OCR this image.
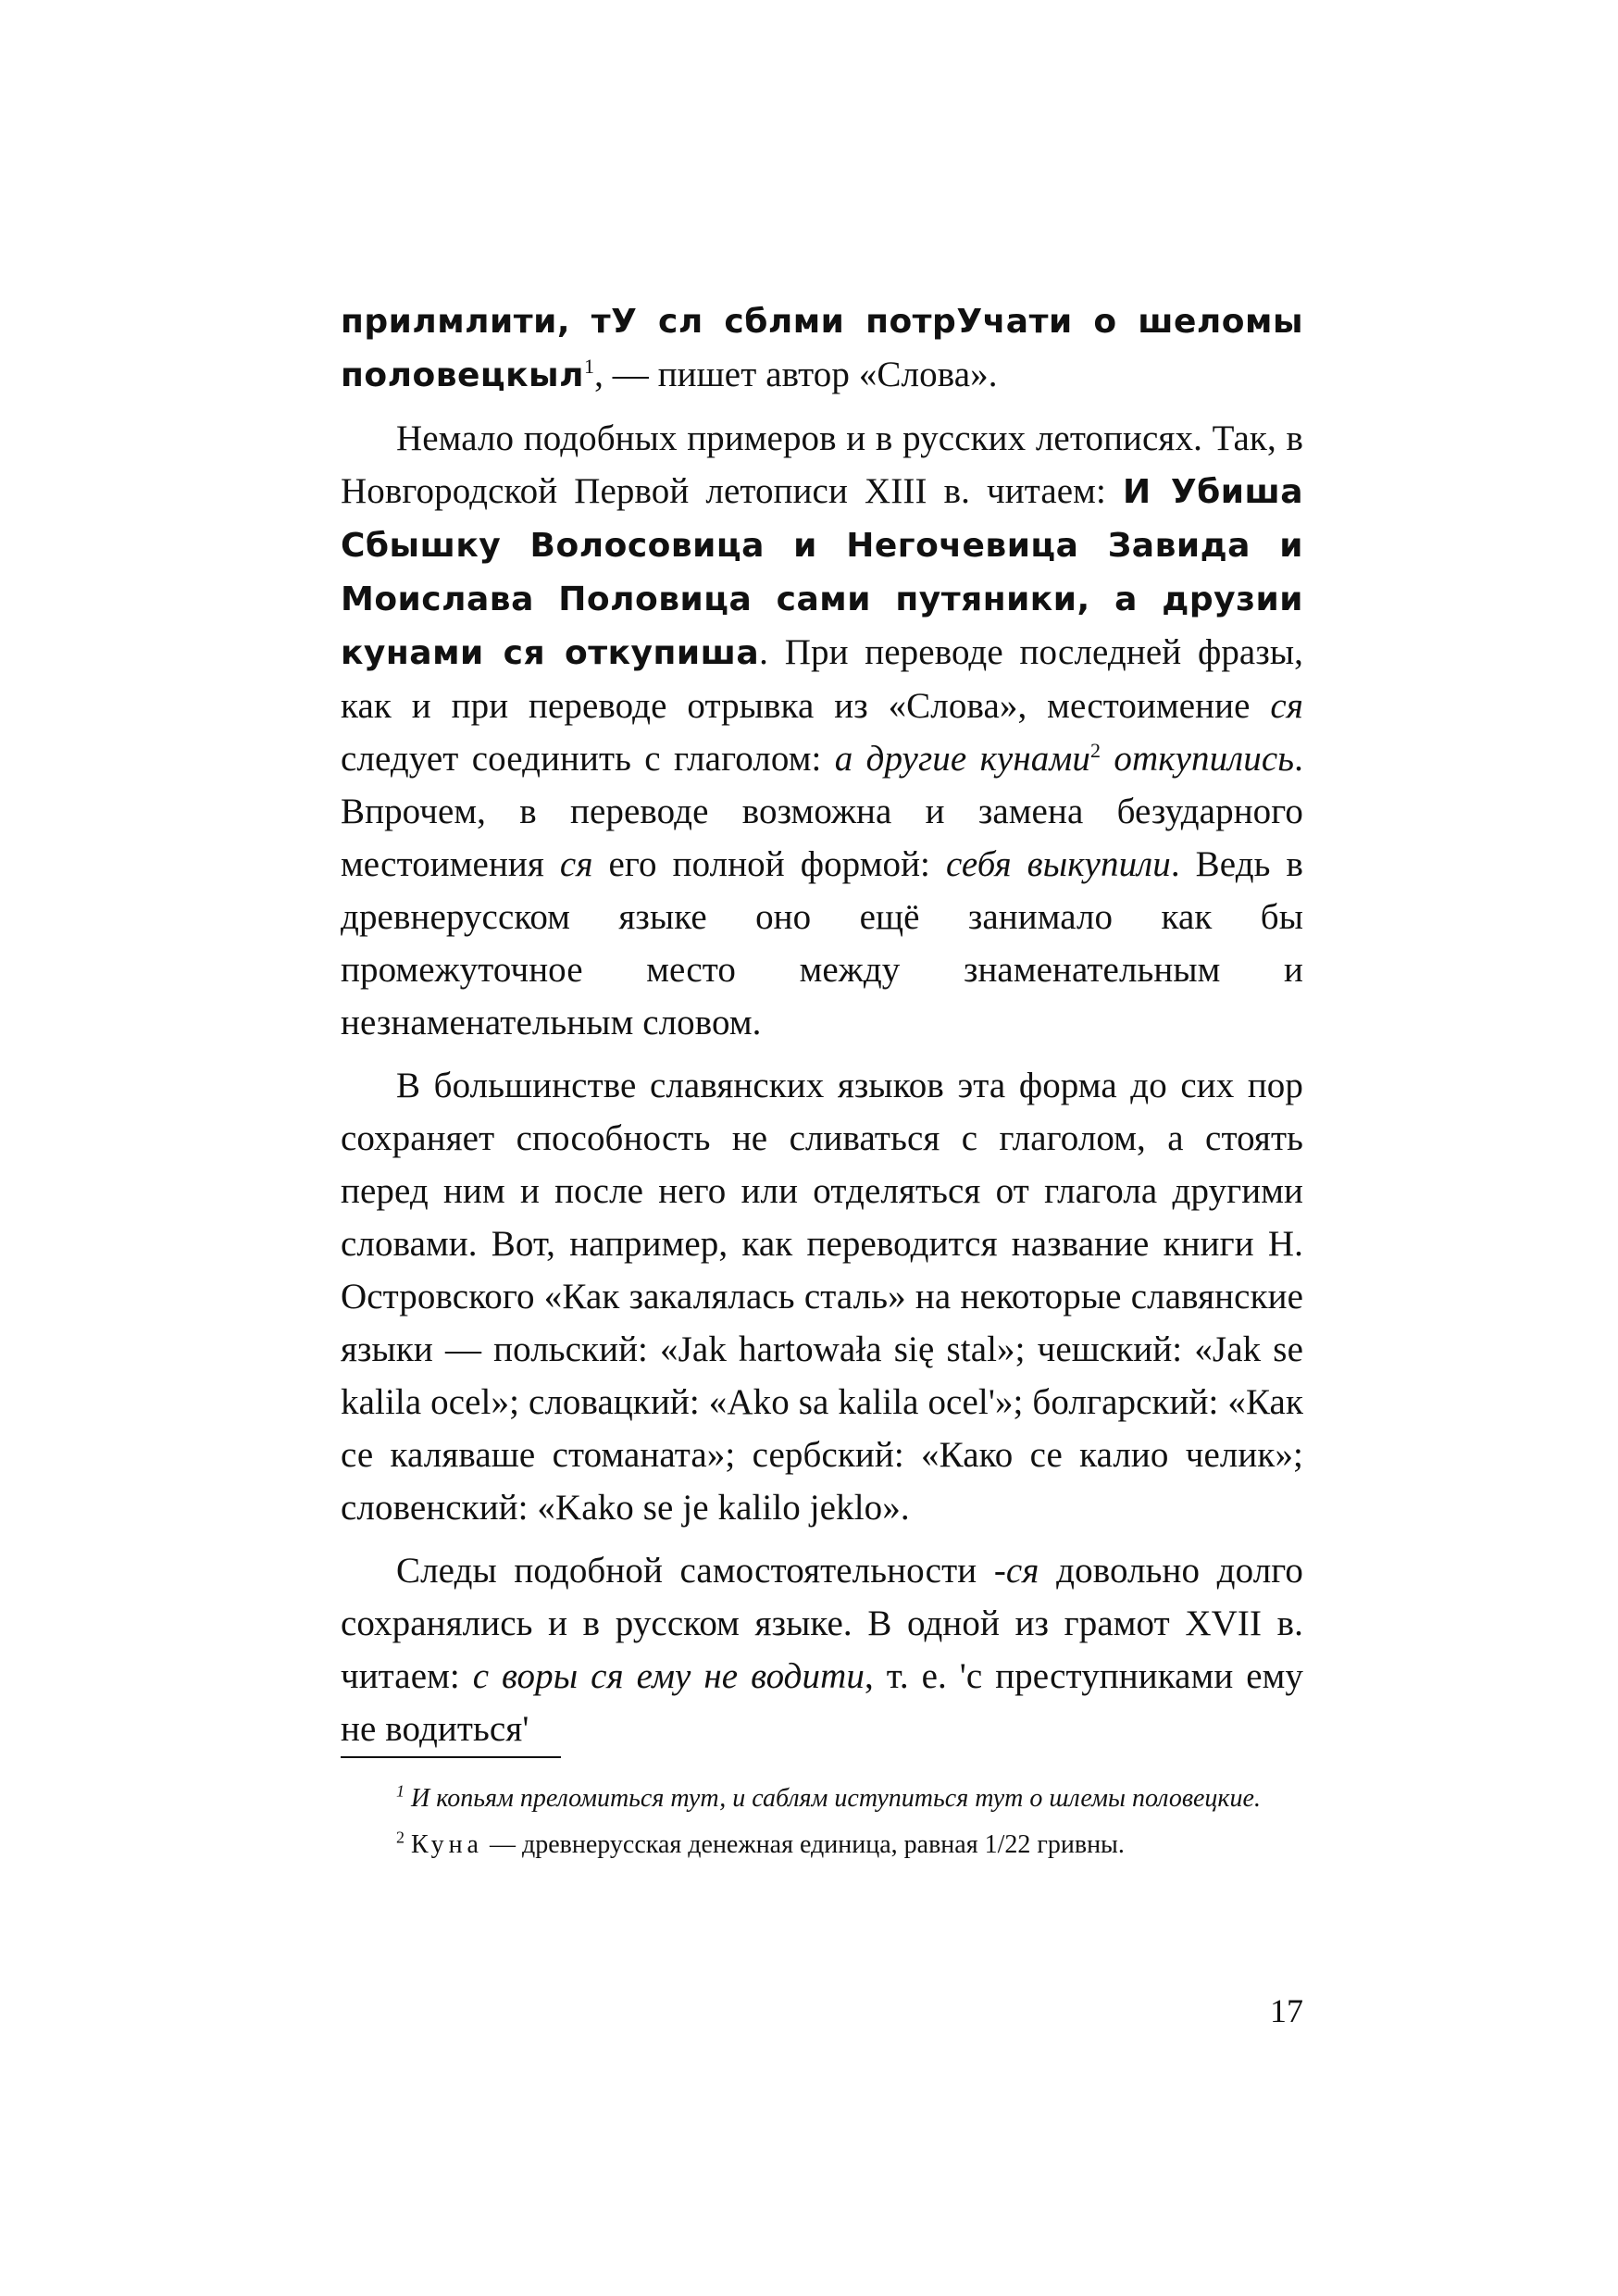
прилмлити, тУ сл сблми потрУчати о шеломы половецкыл$^1$, — пишет автор «Слова».

Немало подобных примеров и в русских летописях. Так, в Новгородской Первой летописи XIII в. читаем: И Убиша Сбышку Волосовица и Негочевица Завида и Моислава Половица сами путяники, а друзии кунами ся откупиша. При переводе последней фразы, как и при переводе отрывка из «Слова», местоимение ся следует соединить с глаголом: а другие кунами$^2$ откупились. Впрочем, в переводе возможна и замена безударного местоимения ся его полной формой: себя выкупили. Ведь в древнерусском языке оно ещё занимало как бы промежуточное место между знаменательным и незнаменательным словом.

В большинстве славянских языков эта форма до сих пор сохраняет способность не сливаться с глаголом, а стоять перед ним и после него или отделяться от глагола другими словами. Вот, например, как переводится название книги Н. Островского «Как закалялась сталь» на некоторые славянские языки — польский: «Jak hartowała się stal»; чешский: «Jak se kalila ocel»; словацкий: «Ako sa kalila ocel'»; болгарский: «Как се каляваше стоманата»; сербский: «Како се калио челик»; словенский: «Kako se je kalilo jeklo».

Следы подобной самостоятельности -ся довольно долго сохранялись и в русском языке. В одной из грамот XVII в. читаем: с воры ся ему не водити, т. е. 'с преступниками ему не водиться'

$^1$ И копьям преломиться тут, и саблям иступиться тут о шлемы половецкие.

$^2$ Куна — древнерусская денежная единица, равная 1/22 гривны.

17
